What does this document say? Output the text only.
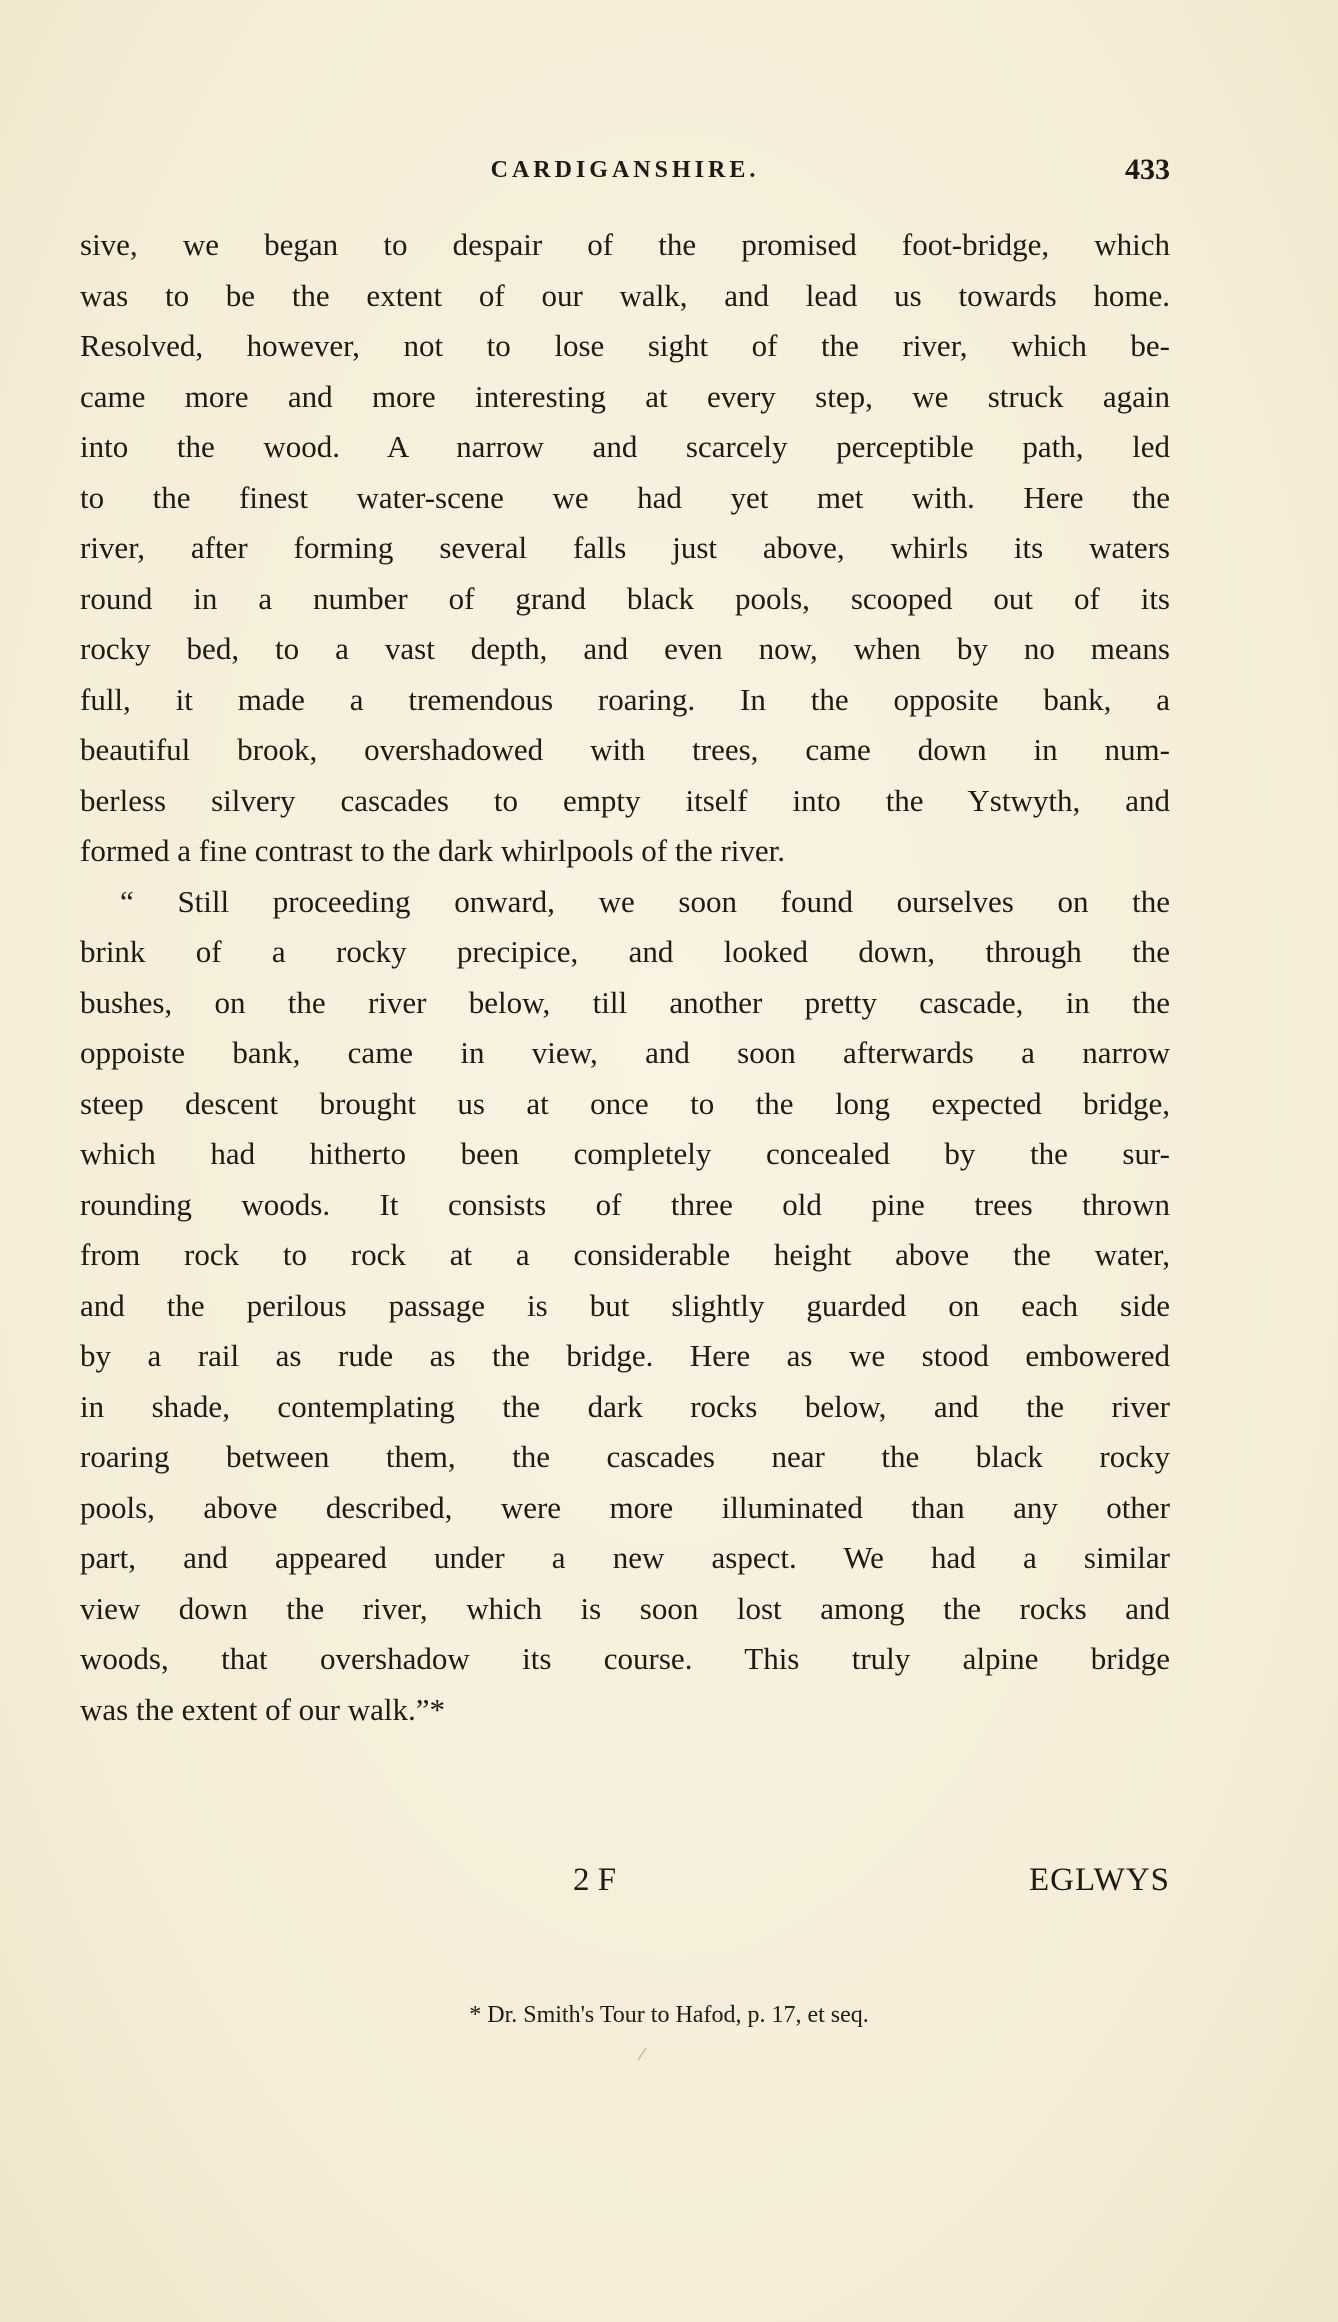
CARDIGANSHIRE.	433
sive, we began to despair of the promised foot-bridge, which
was to be the extent of our walk, and lead us towards home.
Resolved, however, not to lose sight of the river, which be-
came more and more interesting at every step, we struck again
into the wood. A narrow and scarcely perceptible path, led
to the finest water-scene we had yet met with. Here the
river, after forming several falls just above, whirls its waters
round in a number of grand black pools, scooped out of its
rocky bed, to a vast depth, and even now, when by no means
full, it made a tremendous roaring. In the opposite bank, a
beautiful brook, overshadowed with trees, came down in num-
berless silvery cascades to empty itself into the Ystwyth, and
formed a fine contrast to the dark whirlpools of the river.
“ Still proceeding onward, we soon found ourselves on the
brink of a rocky precipice, and looked down, through the
bushes, on the river below, till another pretty cascade, in the
oppoiste bank, came in view, and soon afterwards a narrow
steep descent brought us at once to the long expected bridge,
which had hitherto been completely concealed by the sur-
rounding woods. It consists of three old pine trees thrown
from rock to rock at a considerable height above the water,
and the perilous passage is but slightly guarded on each side
by a rail as rude as the bridge. Here as we stood embowered
in shade, contemplating the dark rocks below, and the river
roaring between them, the cascades near the black rocky
pools, above described, were more illuminated than any other
part, and appeared under a new aspect. We had a similar
view down the river, which is soon lost among the rocks and
woods, that overshadow its course. This truly alpine bridge
was the extent of our walk.”*
2 F	EGLWYS
* Dr. Smith's Tour to Hafod, p. 17, et seq.
